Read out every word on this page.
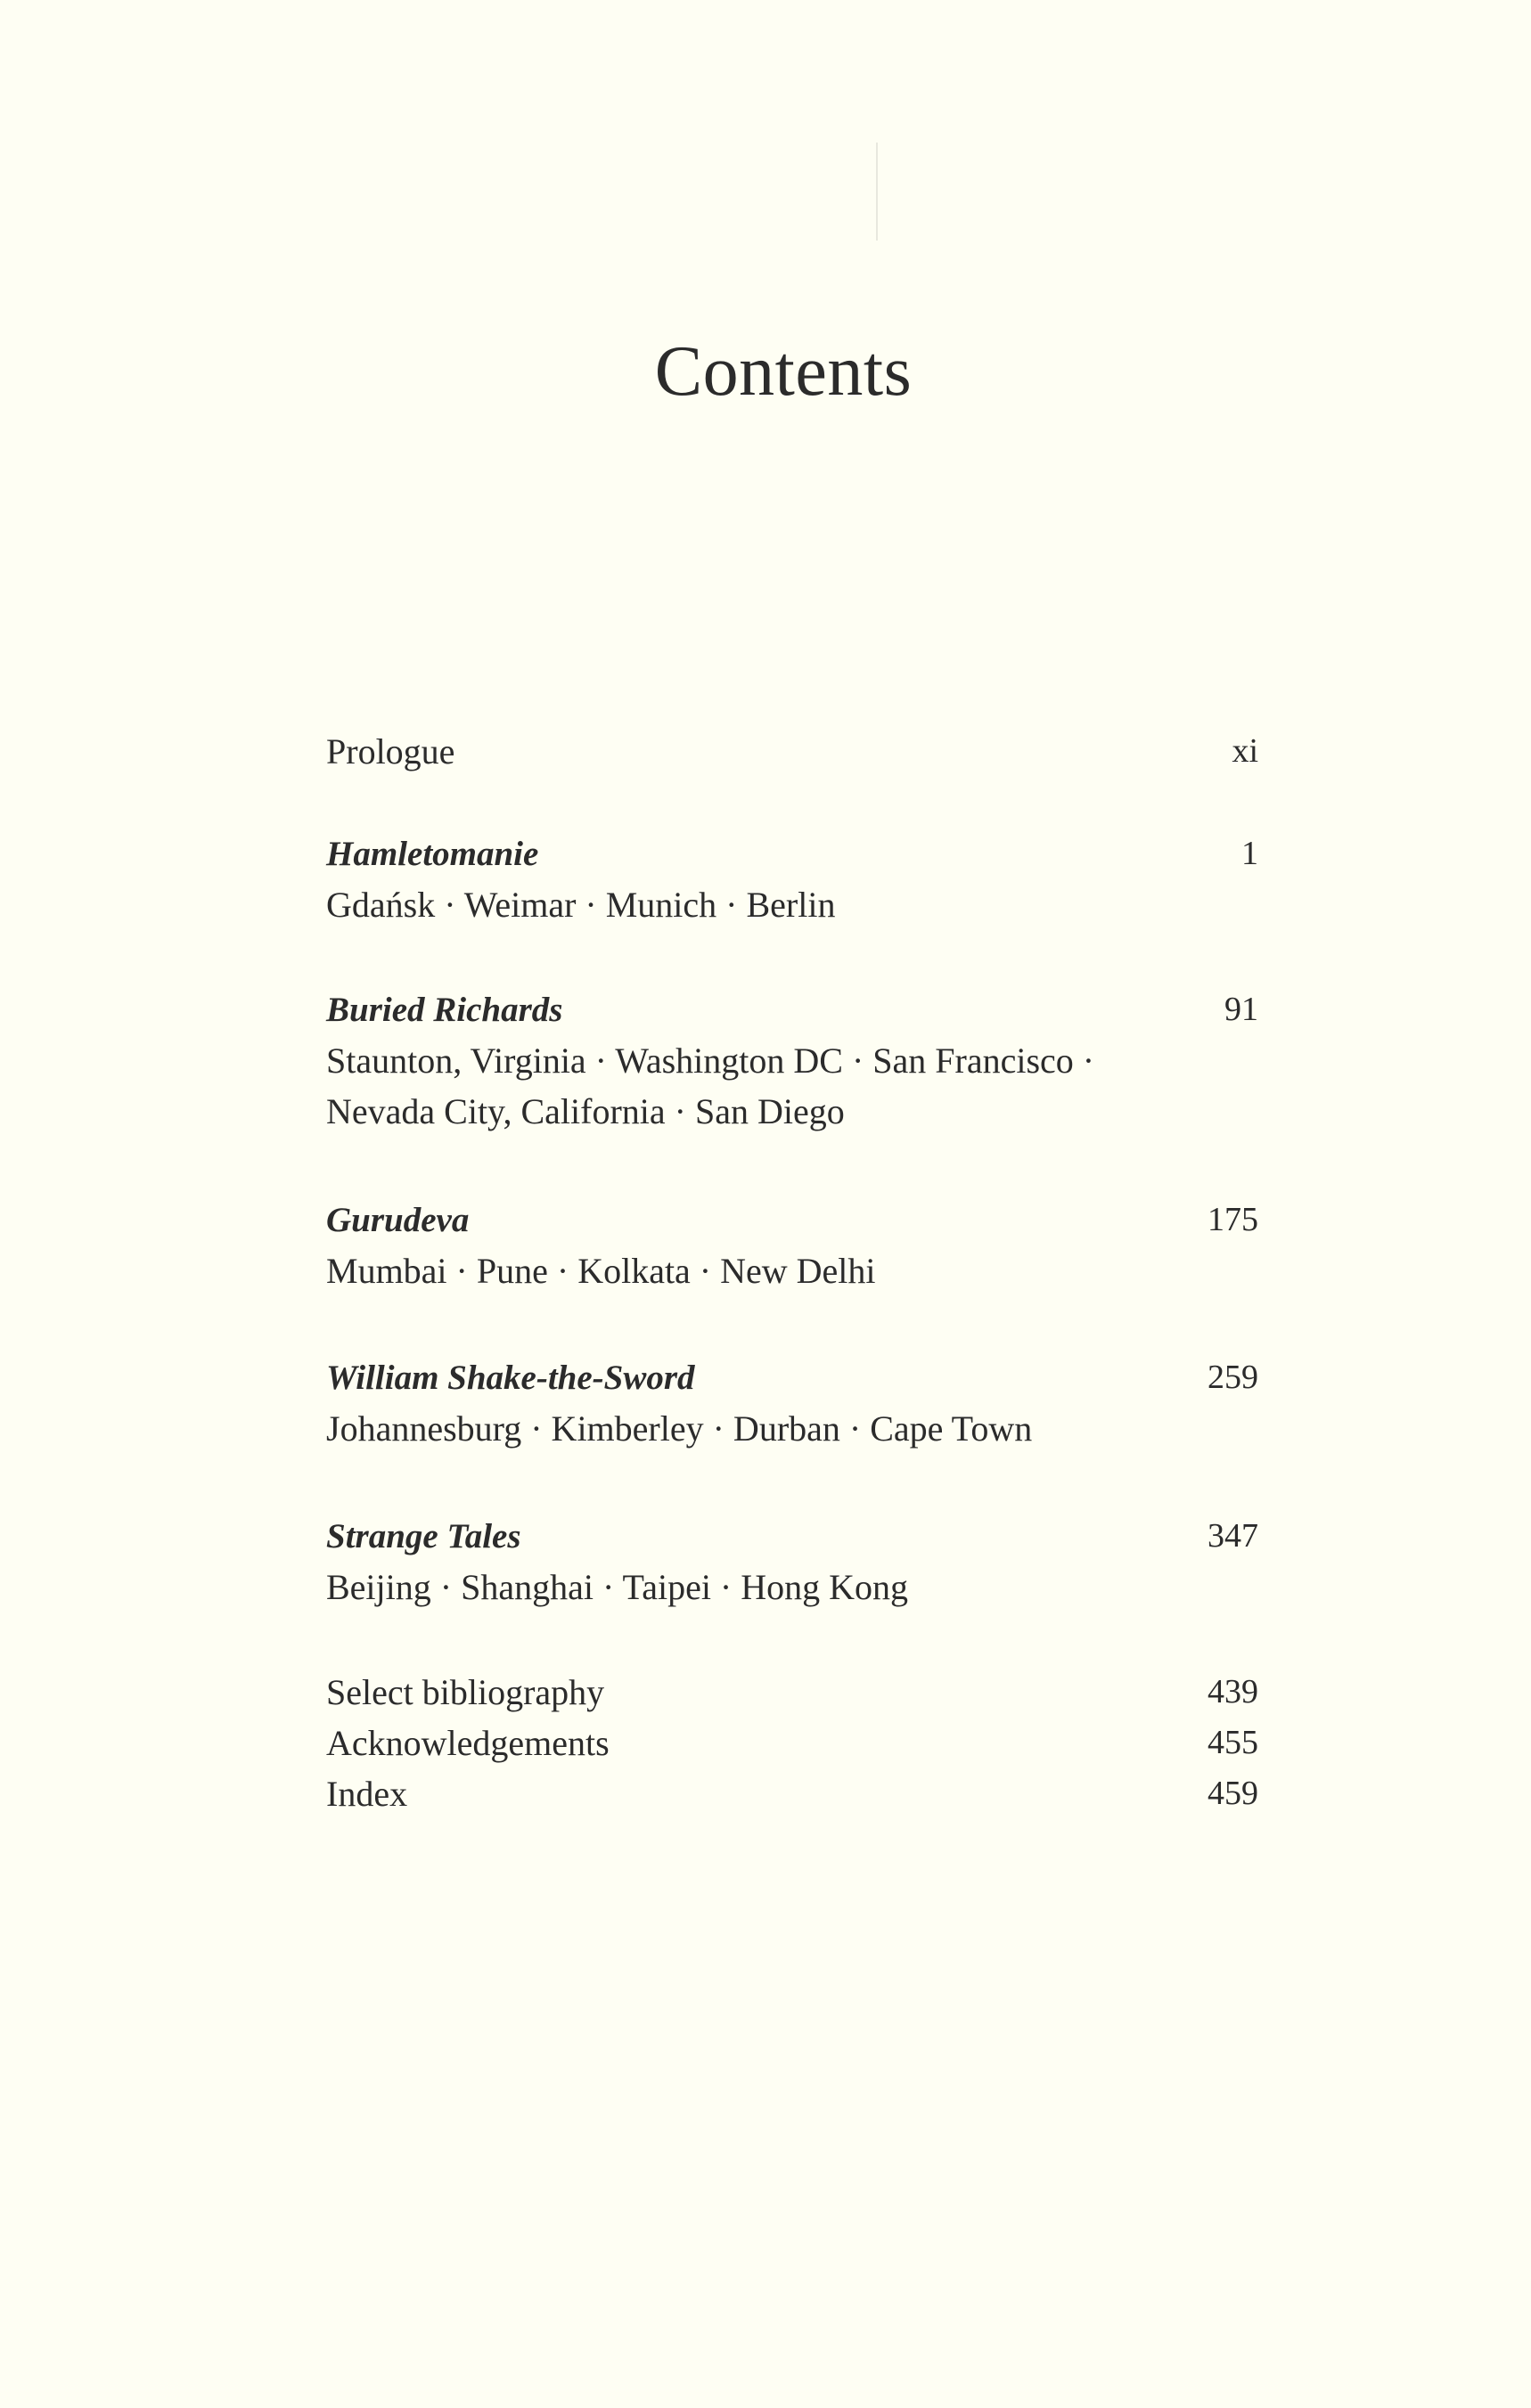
Contents
Prologue	xi
Hamletomanie	1
Gdańsk · Weimar · Munich · Berlin
Buried Richards	91
Staunton, Virginia · Washington DC · San Francisco ·
Nevada City, California · San Diego
Gurudeva	175
Mumbai · Pune · Kolkata · New Delhi
William Shake-the-Sword	259
Johannesburg · Kimberley · Durban · Cape Town
Strange Tales	347
Beijing · Shanghai · Taipei · Hong Kong
Select bibliography	439
Acknowledgements	455
Index	459
